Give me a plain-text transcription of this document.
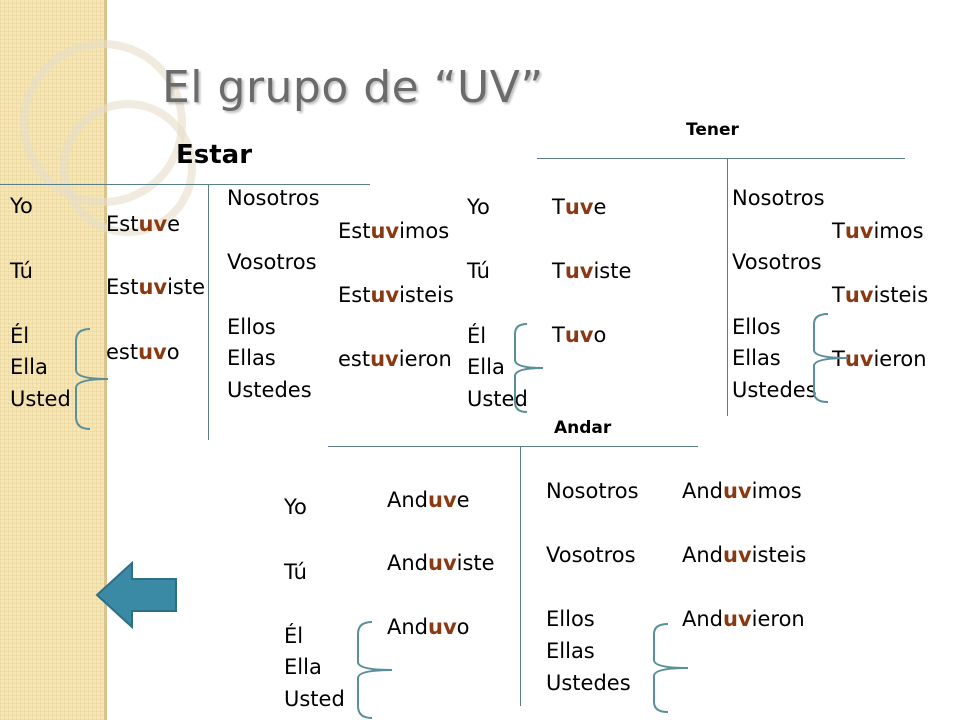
El grupo de “UV”
Estar
Yo
Tú
Él
Ella
Usted
Estuve
Estuviste
estuvo
Nosotros
Vosotros
Ellos
Ellas
Ustedes
Estuvimos
Estuvisteis
estuvieron
Tener
Yo
Tú
Él
Ella
Usted
Tuve
Tuviste
Tuvo
Nosotros
Vosotros
Ellos
Ellas
Ustedes
Tuvimos
Tuvisteis
Tuvieron
Andar
Yo
Tú
Él
Ella
Usted
Anduve
Anduviste
Anduvo
Nosotros
Vosotros
Ellos
Ellas
Ustedes
Anduvimos
Anduvisteis
Anduvieron
